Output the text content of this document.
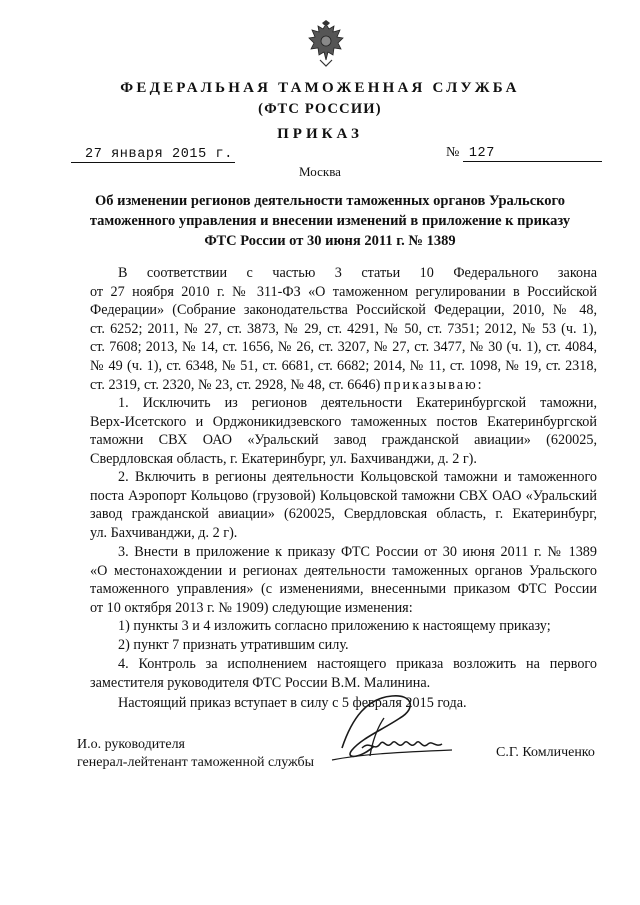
ФЕДЕРАЛЬНАЯ ТАМОЖЕННАЯ СЛУЖБА
(ФТС РОССИИ)
ПРИКАЗ
27 января 2015 г.	№ 127
Москва
Об изменении регионов деятельности таможенных органов Уральского
таможенного управления и внесении изменений в приложение к приказу
ФТС России от 30 июня 2011 г. № 1389

В соответствии с частью 3 статьи 10 Федерального закона

от 27 ноября 2010 г. № 311-ФЗ «О таможенном регулировании в Российской

Федерации» (Собрание законодательства Российской Федерации, 2010, № 48,

ст. 6252; 2011, № 27, ст. 3873, № 29, ст. 4291, № 50, ст. 7351; 2012, № 53 (ч. 1),

ст. 7608; 2013, № 14, ст. 1656, № 26, ст. 3207, № 27, ст. 3477, № 30 (ч. 1), ст. 4084,

№ 49 (ч. 1), ст. 6348, № 51, ст. 6681, ст. 6682; 2014, № 11, ст. 1098, № 19, ст. 2318,

ст. 2319, ст. 2320, № 23, ст. 2928, № 48, ст. 6646) приказываю:

1. Исключить из регионов деятельности Екатеринбургской таможни,

Верх-Исетского и Орджоникидзевского таможенных постов Екатеринбургской

таможни СВХ ОАО «Уральский завод гражданской авиации» (620025,

Свердловская область, г. Екатеринбург, ул. Бахчиванджи, д. 2 г).

2. Включить в регионы деятельности Кольцовской таможни и таможенного

поста Аэропорт Кольцово (грузовой) Кольцовской таможни СВХ ОАО «Уральский

завод гражданской авиации» (620025, Свердловская область, г. Екатеринбург,

ул. Бахчиванджи, д. 2 г).

3. Внести в приложение к приказу ФТС России от 30 июня 2011 г. № 1389

«О местонахождении и регионах деятельности таможенных органов Уральского

таможенного управления» (с изменениями, внесенными приказом ФТС России

от 10 октября 2013 г. № 1909) следующие изменения:

1) пункты 3 и 4 изложить согласно приложению к настоящему приказу;

2) пункт 7 признать утратившим силу.

4. Контроль за исполнением настоящего приказа возложить на первого

заместителя руководителя ФТС России В.М. Малинина.

Настоящий приказ вступает в силу с 5 февраля 2015 года.
И.о. руководителя
генерал-лейтенант таможенной службы
С.Г. Комличенко
